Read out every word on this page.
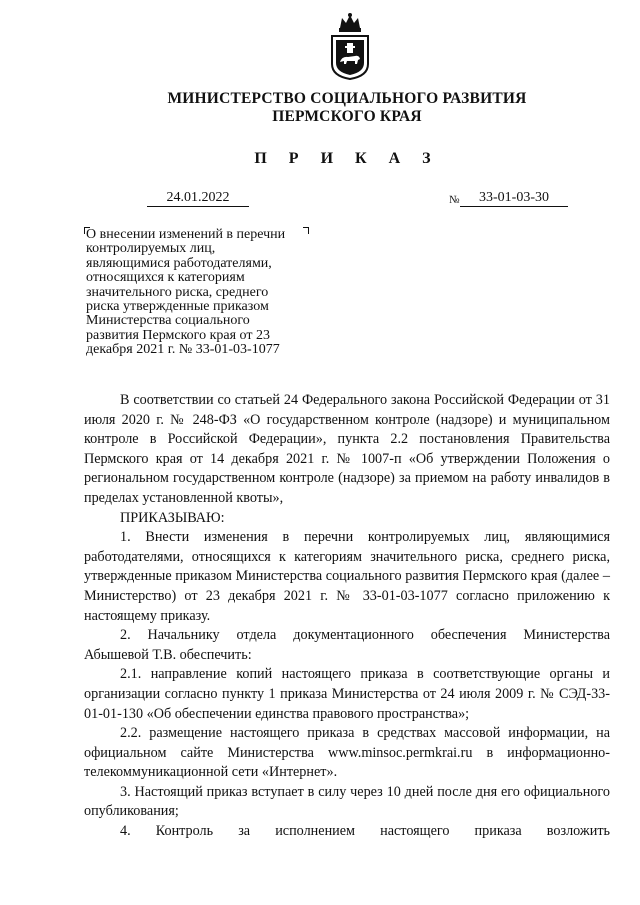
МИНИСТЕРСТВО СОЦИАЛЬНОГО РАЗВИТИЯ
ПЕРМСКОГО КРАЯ
П Р И К А З
24.01.2022	№	33-01-03-30
О внесении изменений в перечни
контролируемых лиц,
являющимися работодателями,
относящихся к категориям
значительного риска, среднего
риска утвержденные приказом
Министерства социального
развития Пермского края от 23
декабря 2021 г. № 33-01-03-1077

В соответствии со статьей 24 Федерального закона Российской Федерации от 31 июля 2020 г. № 248-ФЗ «О государственном контроле (надзоре) и муниципальном контроле в Российской Федерации», пункта 2.2 постановления Правительства Пермского края от 14 декабря 2021 г. № 1007-п «Об утверждении Положения о региональном государственном контроле (надзоре) за приемом на работу инвалидов в пределах установленной квоты»,

ПРИКАЗЫВАЮ:

1. Внести изменения в перечни контролируемых лиц, являющимися работодателями, относящихся к категориям значительного риска, среднего риска, утвержденные приказом Министерства социального развития Пермского края (далее – Министерство) от 23 декабря 2021 г. № 33-01-03-1077 согласно приложению к настоящему приказу.

2. Начальнику отдела документационного обеспечения Министерства Абышевой Т.В. обеспечить:

2.1. направление копий настоящего приказа в соответствующие органы и организации согласно пункту 1 приказа Министерства от 24 июля 2009 г. № СЭД-33-01-01-130 «Об обеспечении единства правового пространства»;

2.2. размещение настоящего приказа в средствах массовой информации, на официальном сайте Министерства www.minsoc.permkrai.ru в информационно-телекоммуникационной сети «Интернет».

3. Настоящий приказ вступает в силу через 10 дней после дня его официального опубликования;

4. Контроль за исполнением настоящего приказа возложить
